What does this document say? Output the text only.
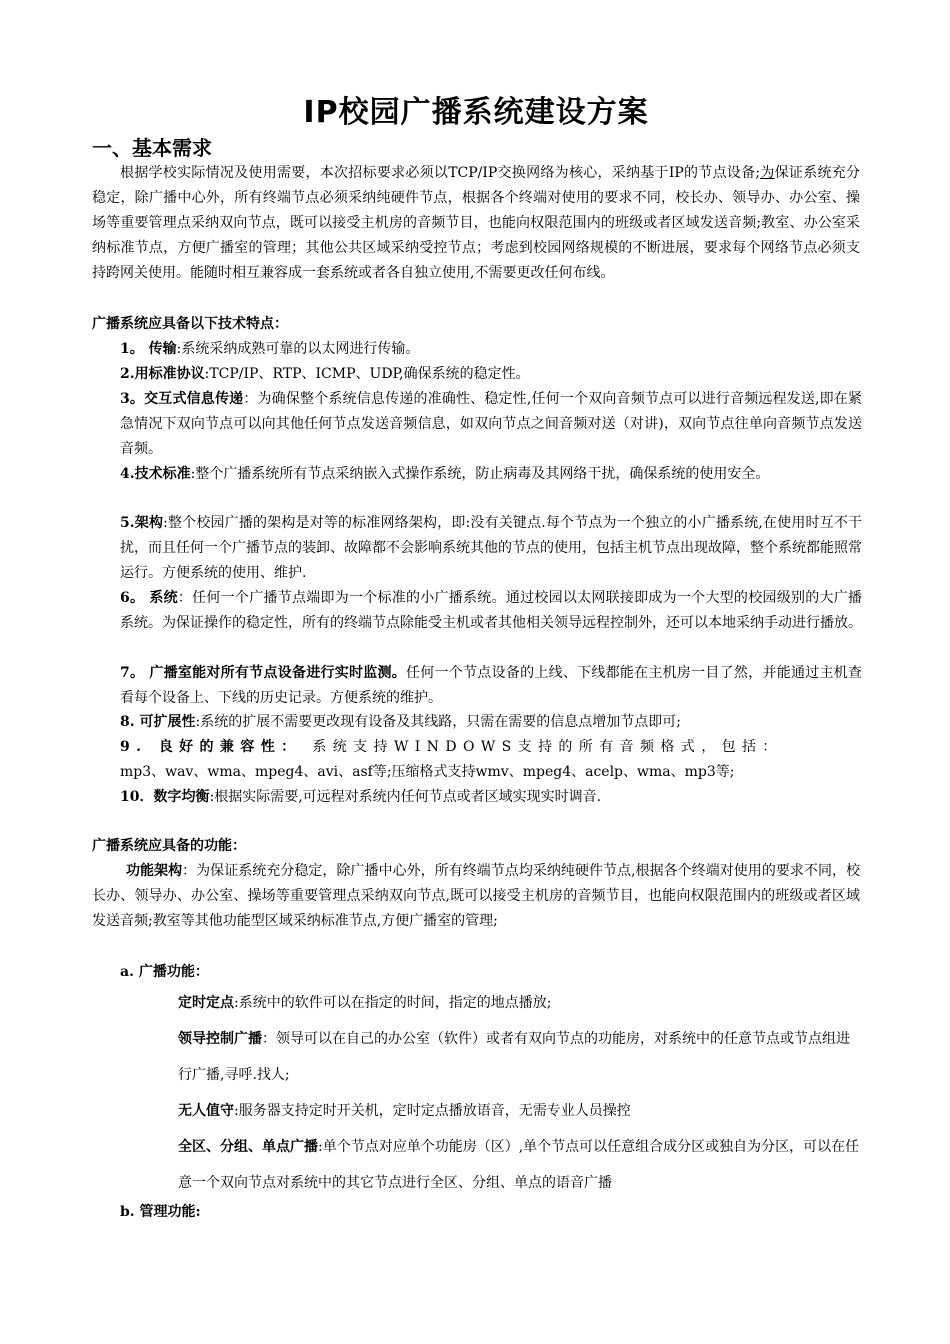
IP校园广播系统建设方案
一、基本需求
根据学校实际情况及使用需要，本次招标要求必须以TCP/IP交换网络为核心，采纳基于IP的节点设备;为保证系统充分稳定，除广播中心外，所有终端节点必须采纳纯硬件节点，根据各个终端对使用的要求不同，校长办、领导办、办公室、操场等重要管理点采纳双向节点，既可以接受主机房的音频节目，也能向权限范围内的班级或者区域发送音频;教室、办公室采纳标准节点，方便广播室的管理；其他公共区域采纳受控节点；考虑到校园网络规模的不断进展，要求每个网络节点必须支持跨网关使用。能随时相互兼容成一套系统或者各自独立使用,不需要更改任何布线。
广播系统应具备以下技术特点：
1。 传输:系统采纳成熟可靠的以太网进行传输。
2.用标准协议:TCP/IP、RTP、ICMP、UDP,确保系统的稳定性。
3。交互式信息传递：为确保整个系统信息传递的准确性、稳定性,任何一个双向音频节点可以进行音频远程发送,即在紧急情况下双向节点可以向其他任何节点发送音频信息，如双向节点之间音频对送（对讲)，双向节点往单向音频节点发送音频。
4.技术标准:整个广播系统所有节点采纳嵌入式操作系统，防止病毒及其网络干扰，确保系统的使用安全。
5.架构:整个校园广播的架构是对等的标准网络架构，即:没有关键点.每个节点为一个独立的小广播系统,在使用时互不干扰，而且任何一个广播节点的装卸、故障都不会影响系统其他的节点的使用，包括主机节点出现故障，整个系统都能照常运行。方便系统的使用、维护.
6。 系统：任何一个广播节点端即为一个标准的小广播系统。通过校园以太网联接即成为一个大型的校园级别的大广播系统。为保证操作的稳定性，所有的终端节点除能受主机或者其他相关领导远程控制外，还可以本地采纳手动进行播放。
7。 广播室能对所有节点设备进行实时监测。任何一个节点设备的上线、下线都能在主机房一目了然，并能通过主机查看每个设备上、下线的历史记录。方便系统的维护。
8. 可扩展性:系统的扩展不需要更改现有设备及其线路，只需在需要的信息点增加节点即可;
9. 良好的兼容性： 系统支持WINDOWS支持的所有音频格式，包括：
mp3、wav、wma、mpeg4、avi、asf等;压缩格式支持wmv、mpeg4、acelp、wma、mp3等;
10．数字均衡:根据实际需要,可远程对系统内任何节点或者区域实现实时调音.
广播系统应具备的功能：
功能架构：为保证系统充分稳定，除广播中心外，所有终端节点均采纳纯硬件节点,根据各个终端对使用的要求不同，校长办、领导办、办公室、操场等重要管理点采纳双向节点,既可以接受主机房的音频节目，也能向权限范围内的班级或者区域发送音频;教室等其他功能型区域采纳标准节点,方便广播室的管理;
a. 广播功能：
定时定点:系统中的软件可以在指定的时间，指定的地点播放;
领导控制广播：领导可以在自己的办公室（软件）或者有双向节点的功能房，对系统中的任意节点或节点组进行广播,寻呼.找人;
无人值守:服务器支持定时开关机，定时定点播放语音，无需专业人员操控
全区、分组、单点广播:单个节点对应单个功能房（区）,单个节点可以任意组合成分区或独自为分区，可以在任意一个双向节点对系统中的其它节点进行全区、分组、单点的语音广播
b. 管理功能:
